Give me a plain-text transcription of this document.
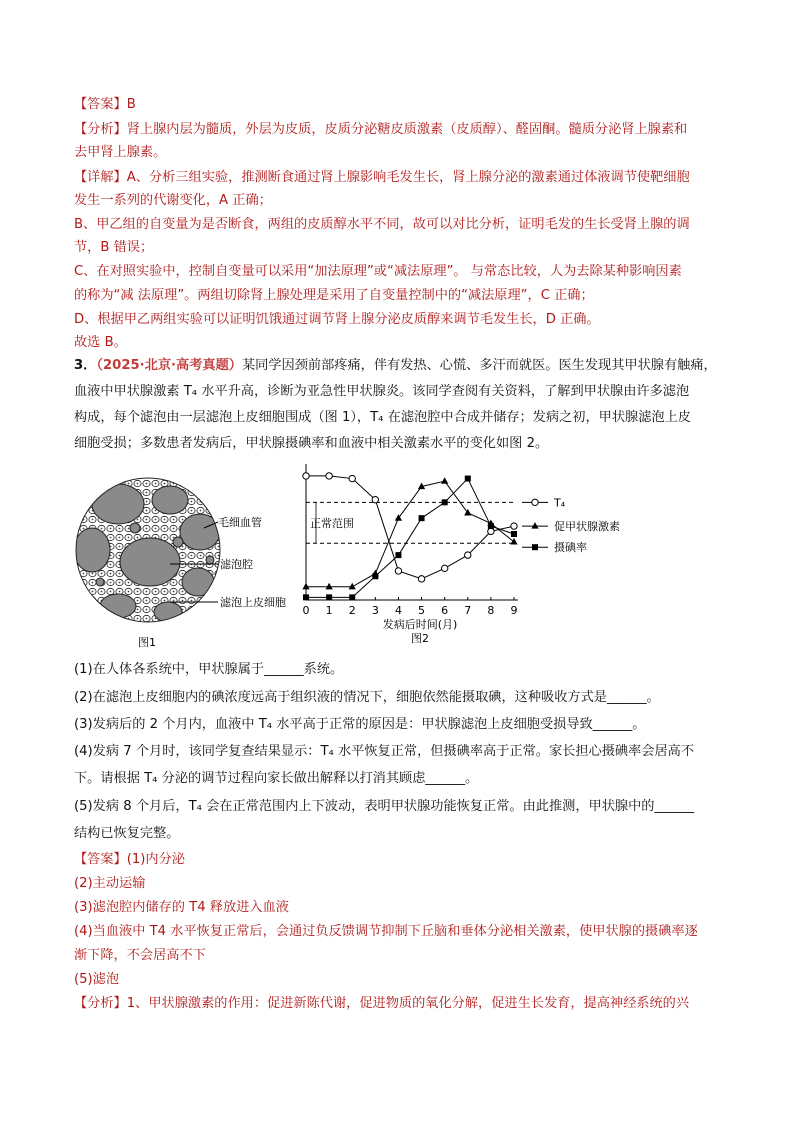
【答案】B
【分析】肾上腺内层为髓质，外层为皮质，皮质分泌糖皮质激素（皮质醇）、醛固酮。髓质分泌肾上腺素和
去甲肾上腺素。
【详解】A、分析三组实验，推测断食通过肾上腺影响毛发生长，肾上腺分泌的激素通过体液调节使靶细胞
发生一系列的代谢变化，A 正确；
B、甲乙组的自变量为是否断食，两组的皮质醇水平不同，故可以对比分析，证明毛发的生长受肾上腺的调
节，B 错误；
C、在对照实验中，控制自变量可以采用“加法原理”或“减法原理”。 与常态比较，人为去除某种影响因素
的称为“减 法原理”。两组切除肾上腺处理是采用了自变量控制中的“减法原理”，C 正确；
D、根据甲乙两组实验可以证明饥饿通过调节肾上腺分泌皮质醇来调节毛发生长，D 正确。
故选 B。
3．（2025·北京·高考真题）某同学因颈前部疼痛，伴有发热、心慌、多汗而就医。医生发现其甲状腺有触痛，
血液中甲状腺激素 T₄ 水平升高，诊断为亚急性甲状腺炎。该同学查阅有关资料，了解到甲状腺由许多滤泡
构成，每个滤泡由一层滤泡上皮细胞围成（图 1），T₄ 在滤泡腔中合成并储存；发病之初，甲状腺滤泡上皮
细胞受损；多数患者发病后，甲状腺摄碘率和血液中相关激素水平的变化如图 2。
毛细血管
滤泡腔
滤泡上皮细胞
图1
正常范围
发病后时间(月)
图2
T₄
促甲状腺激素
摄碘率
0 1 2 3 4 5 6 7 8 9
(1)在人体各系统中，甲状腺属于______系统。
(2)在滤泡上皮细胞内的碘浓度远高于组织液的情况下，细胞依然能摄取碘，这种吸收方式是______。
(3)发病后的 2 个月内，血液中 T₄ 水平高于正常的原因是：甲状腺滤泡上皮细胞受损导致______。
(4)发病 7 个月时，该同学复查结果显示：T₄ 水平恢复正常，但摄碘率高于正常。家长担心摄碘率会居高不
下。请根据 T₄ 分泌的调节过程向家长做出解释以打消其顾虑______。
(5)发病 8 个月后，T₄ 会在正常范围内上下波动，表明甲状腺功能恢复正常。由此推测，甲状腺中的______
结构已恢复完整。
【答案】(1)内分泌
(2)主动运输
(3)滤泡腔内储存的 T4 释放进入血液
(4)当血液中 T4 水平恢复正常后，会通过负反馈调节抑制下丘脑和垂体分泌相关激素，使甲状腺的摄碘率逐
渐下降，不会居高不下
(5)滤泡
【分析】1、甲状腺激素的作用：促进新陈代谢，促进物质的氧化分解，促进生长发育，提高神经系统的兴
